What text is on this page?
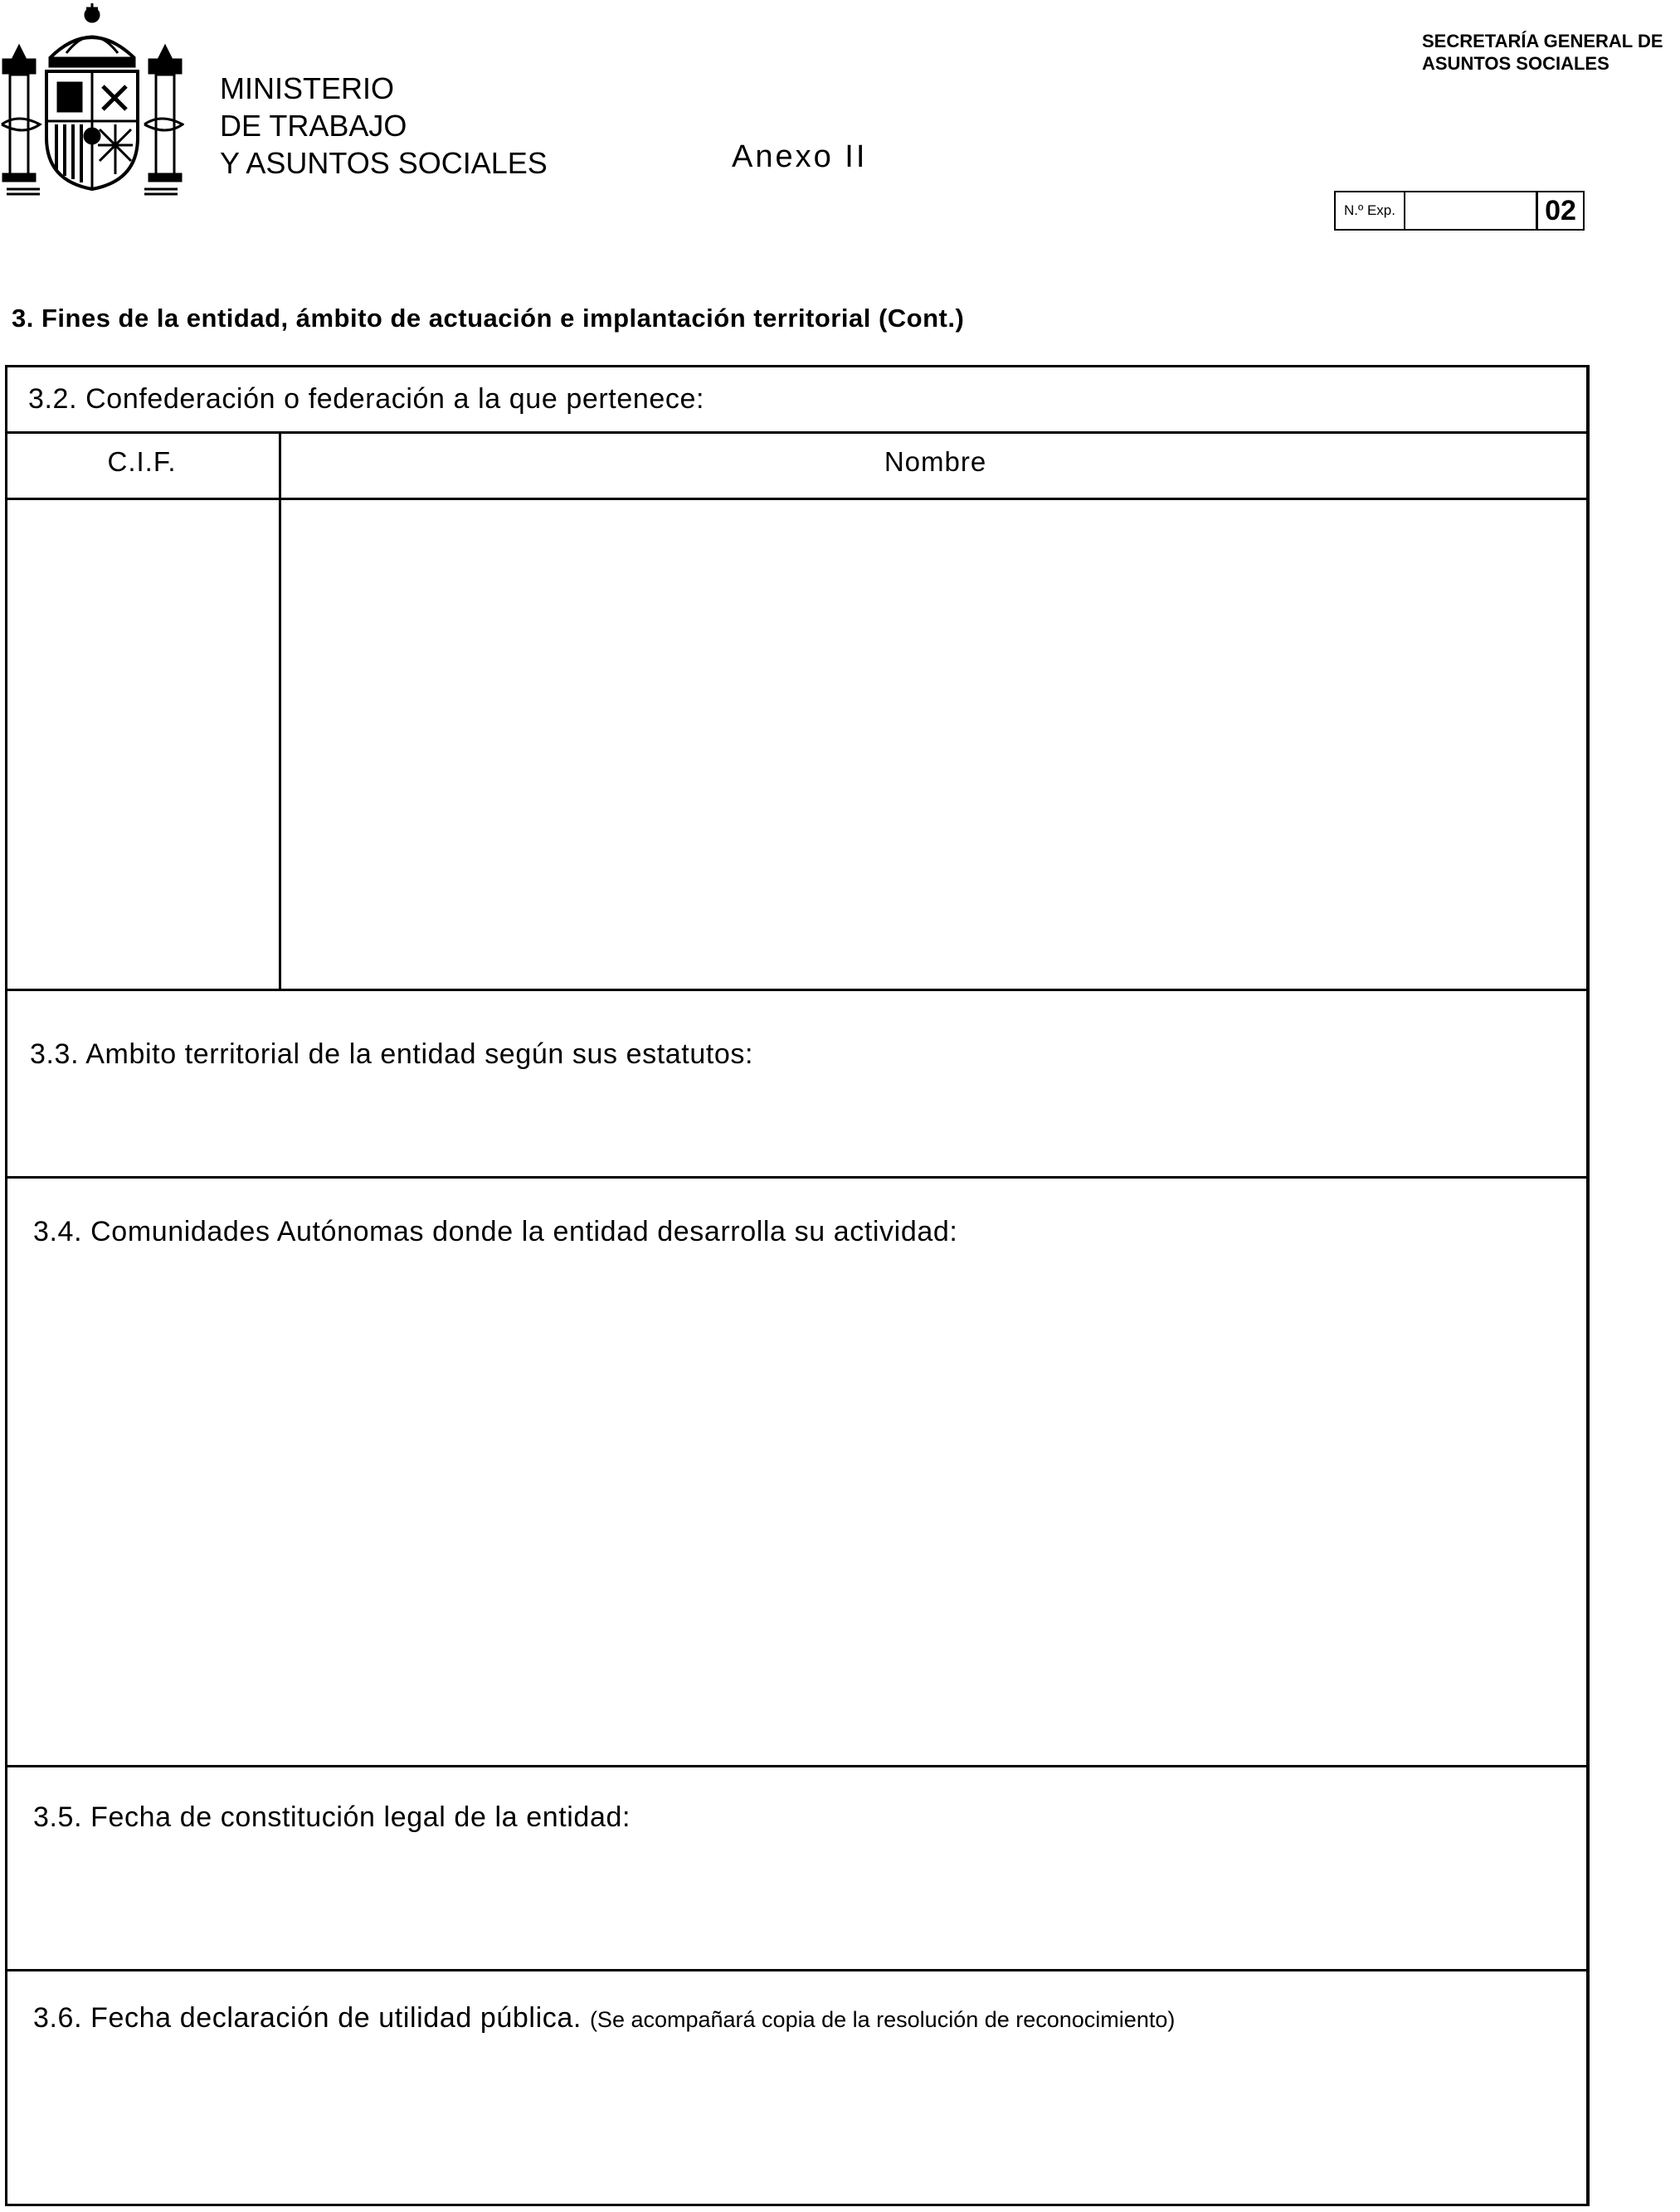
MINISTERIO
DE TRABAJO
Y ASUNTOS SOCIALES	Anexo II
SECRETARÍA GENERAL DE
ASUNTOS SOCIALES
N.º Exp.	02
3. Fines de la entidad, ámbito de actuación e implantación territorial (Cont.)
3.2. Confederación o federación a la que pertenece:
C.I.F.	Nombre
3.3. Ambito territorial de la entidad según sus estatutos:
3.4. Comunidades Autónomas donde la entidad desarrolla su actividad:
3.5. Fecha de constitución legal de la entidad:
3.6. Fecha declaración de utilidad pública. (Se acompañará copia de la resolución de reconocimiento)
